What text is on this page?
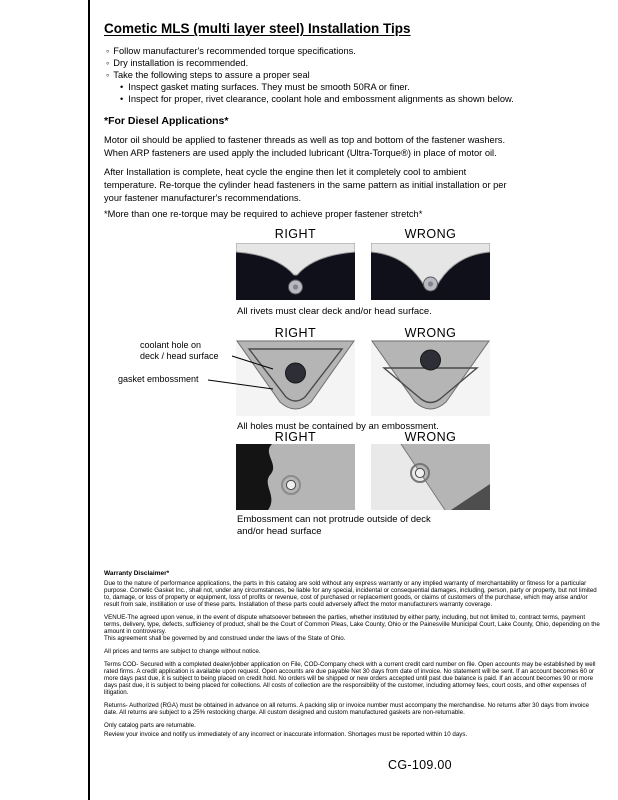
Cometic MLS (multi layer steel) Installation Tips
◦ Follow manufacturer's recommended torque specifications.
◦ Dry installation is recommended.
◦ Take the following steps to assure a proper seal
• Inspect gasket mating surfaces. They must be smooth 50RA or finer.
• Inspect for proper, rivet clearance, coolant hole and embossment alignments as shown below.
*For Diesel Applications*
Motor oil should be applied to fastener threads as well as top and bottom of the fastener washers. When ARP fasteners are used apply the included lubricant (Ultra-Torque®) in place of motor oil.
After Installation is complete, heat cycle the engine then let it completely cool to ambient temperature. Re-torque the cylinder head fasteners in the same pattern as initial installation or per your fastener manufacturer's recommendations.
*More than one re-torque may be required to achieve proper fastener stretch*
RIGHT	WRONG
All rivets must clear deck and/or head surface.
RIGHT	WRONG
coolant hole on
deck / head surface
gasket embossment
All holes must be contained by an embossment.
RIGHT	WRONG
Embossment can not protrude outside of deck
and/or head surface
Warranty Disclaimer*

Due to the nature of performance applications, the parts in this catalog are sold without any express warranty or any implied warranty of merchantability or fitness for a particular purpose. Cometic Gasket Inc., shall not, under any circumstances, be liable for any special, incidental or consequential damages, including, person, party or property, but not limited to, damage, or loss of property or equipment, loss of profits or revenue, cost of purchased or replacement goods, or claims of customers of the purchase, which may arise and/or result from sale, instillation or use of these parts. Installation of these parts could adversely affect the motor manufacturers warranty coverage.

VENUE-The agreed upon venue, in the event of dispute whatsoever between the parties, whether instituted by either party, including, but not limited to, contract terms, payment terms, delivery, type, defects, sufficiency of product, shall be the Court of Common Pleas, Lake County, Ohio or the Painesville Municipal Court, Lake County, Ohio, depending on the amount in controversy.

This agreement shall be governed by and construed under the laws of the State of Ohio.

All prices and terms are subject to change without notice.

Terms COD- Secured with a completed dealer/jobber application on File, COD-Company check with a current credit card number on file. Open accounts may be established by well rated firms. A credit application is available upon request. Open accounts are due payable Net 30 days from date of invoice. No statement will be sent. If an account becomes 60 or more days past due, it is subject to being placed on credit hold. No orders will be shipped or new orders accepted until past due balance is paid. If an account becomes 90 or more days past due, it is subject to being placed for collections. All costs of collection are the responsibility of the customer, including attorney fees, court costs, and other expenses of litigation.

Returns- Authorized (RGA) must be obtained in advance on all returns. A packing slip or invoice number must accompany the merchandise. No returns after 30 days from invoice date. All returns are subject to a 25% restocking charge. All custom designed and custom manufactured gaskets are non-returnable.

Only catalog parts are returnable.

Review your invoice and notify us immediately of any incorrect or inaccurate information. Shortages must be reported within 10 days.

CG-109.00
